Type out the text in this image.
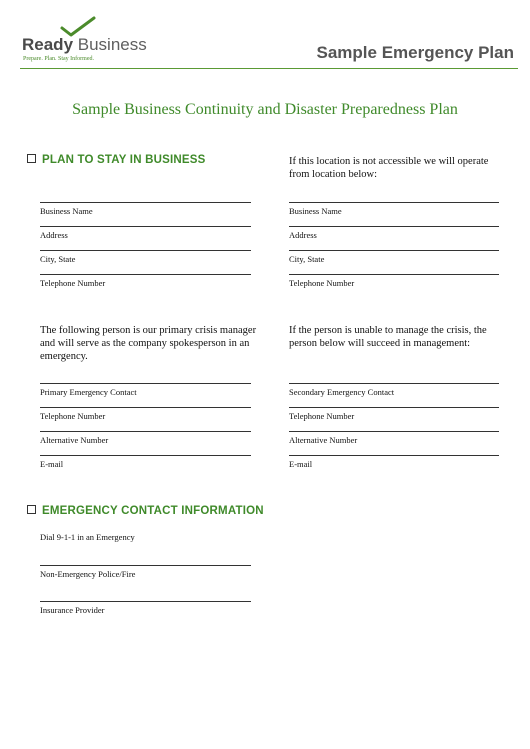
Ready Business
Prepare. Plan. Stay Informed.	Sample Emergency Plan
Sample Business Continuity and Disaster Preparedness Plan
PLAN TO STAY IN BUSINESS	If this location is not accessible we will operate from location below:
Business Name
Address
City, State
Telephone Number
Business Name
Address
City, State
Telephone Number
The following person is our primary crisis manager and will serve as the company spokesperson in an emergency.
If the person is unable to manage the crisis, the person below will succeed in management:
Primary Emergency Contact
Telephone Number
Alternative Number
E-mail
Secondary Emergency Contact
Telephone Number
Alternative Number
E-mail
EMERGENCY CONTACT INFORMATION
Dial 9-1-1 in an Emergency
Non-Emergency Police/Fire
Insurance Provider
